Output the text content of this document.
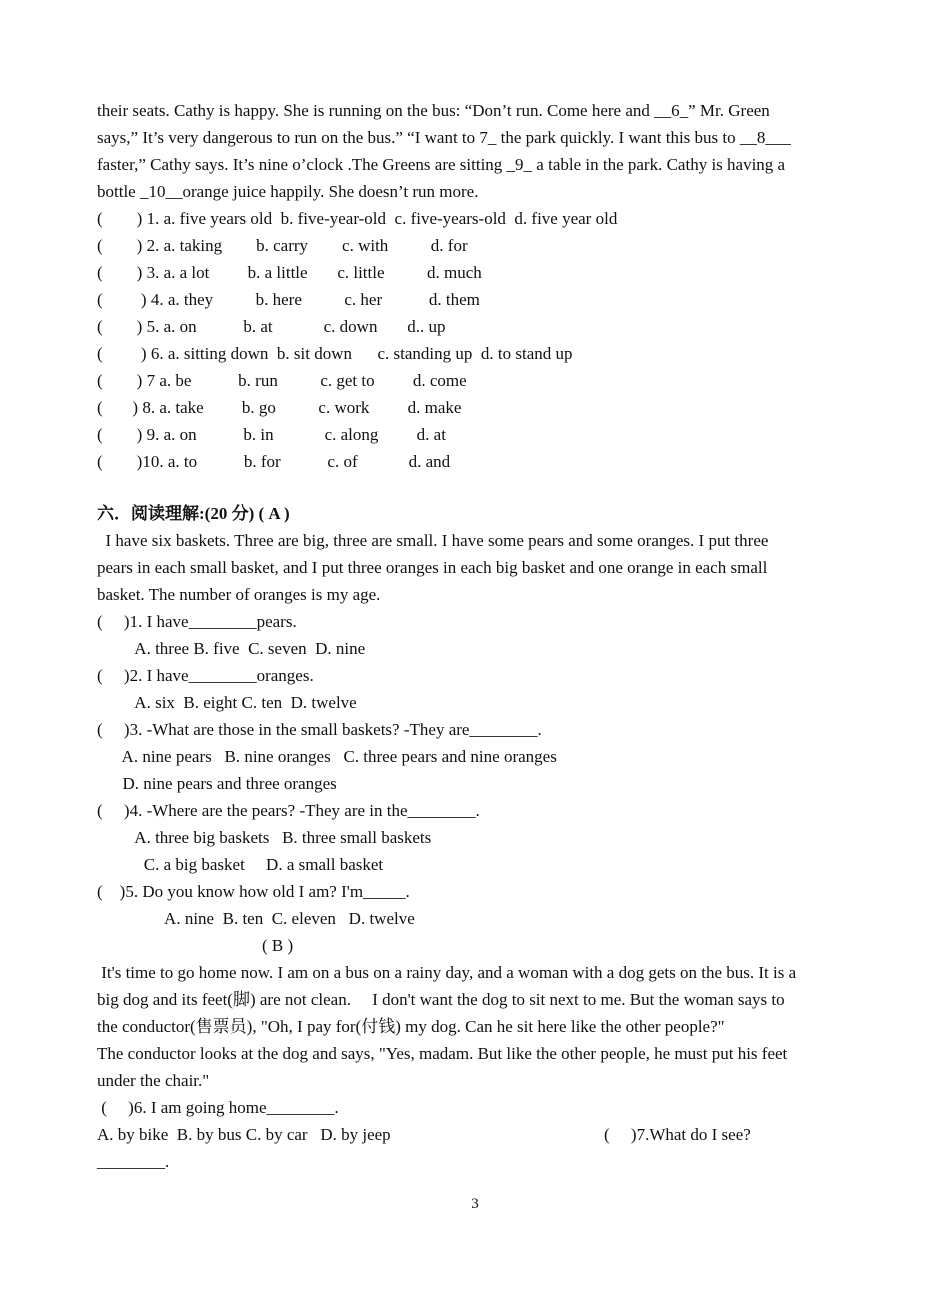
their seats. Cathy is happy. She is running on the bus: “Don’t run. Come here and __6_” Mr. Green
says,” It’s very dangerous to run on the bus.” “I want to 7_ the park quickly. I want this bus to __8___
faster,” Cathy says. It’s nine o’clock .The Greens are sitting _9_ a table in the park. Cathy is having a
bottle _10__orange juice happily. She doesn’t run more.
(        ) 1. a. five years old  b. five-year-old  c. five-years-old  d. five year old
(        ) 2. a. taking        b. carry        c. with          d. for
(        ) 3. a. a lot         b. a little       c. little          d. much
(         ) 4. a. they          b. here          c. her           d. them
(        ) 5. a. on           b. at            c. down       d.. up
(         ) 6. a. sitting down  b. sit down      c. standing up  d. to stand up
(        ) 7 a. be           b. run          c. get to         d. come
(       ) 8. a. take         b. go          c. work         d. make
(        ) 9. a. on           b. in            c. along         d. at
(        )10. a. to           b. for           c. of            d. and
六．阅读理解:(20 分) ( A )
I have six baskets. Three are big, three are small. I have some pears and some oranges. I put three
pears in each small basket, and I put three oranges in each big basket and one orange in each small
basket. The number of oranges is my age.
(     )1. I have________pears.
A. three B. five  C. seven  D. nine
(     )2. I have________oranges.
A. six  B. eight C. ten  D. twelve
(     )3. -What are those in the small baskets? -They are________.
A. nine pears   B. nine oranges   C. three pears and nine oranges
D. nine pears and three oranges
(     )4. -Where are the pears? -They are in the________.
A. three big baskets   B. three small baskets
C. a big basket     D. a small basket
(    )5. Do you know how old I am? I'm_____.
A. nine  B. ten  C. eleven   D. twelve
( B )
It's time to go home now. I am on a bus on a rainy day, and a woman with a dog gets on the bus. It is a
big dog and its feet(脚) are not clean.     I don't want the dog to sit next to me. But the woman says to
the conductor(售票员), "Oh, I pay for(付钱) my dog. Can he sit here like the other people?"
The conductor looks at the dog and says, "Yes, madam. But like the other people, he must put his feet
under the chair."
(     )6. I am going home________.
A. by bike  B. by bus C. by car   D. by jeep	(     )7.What do I see?
________.
3
